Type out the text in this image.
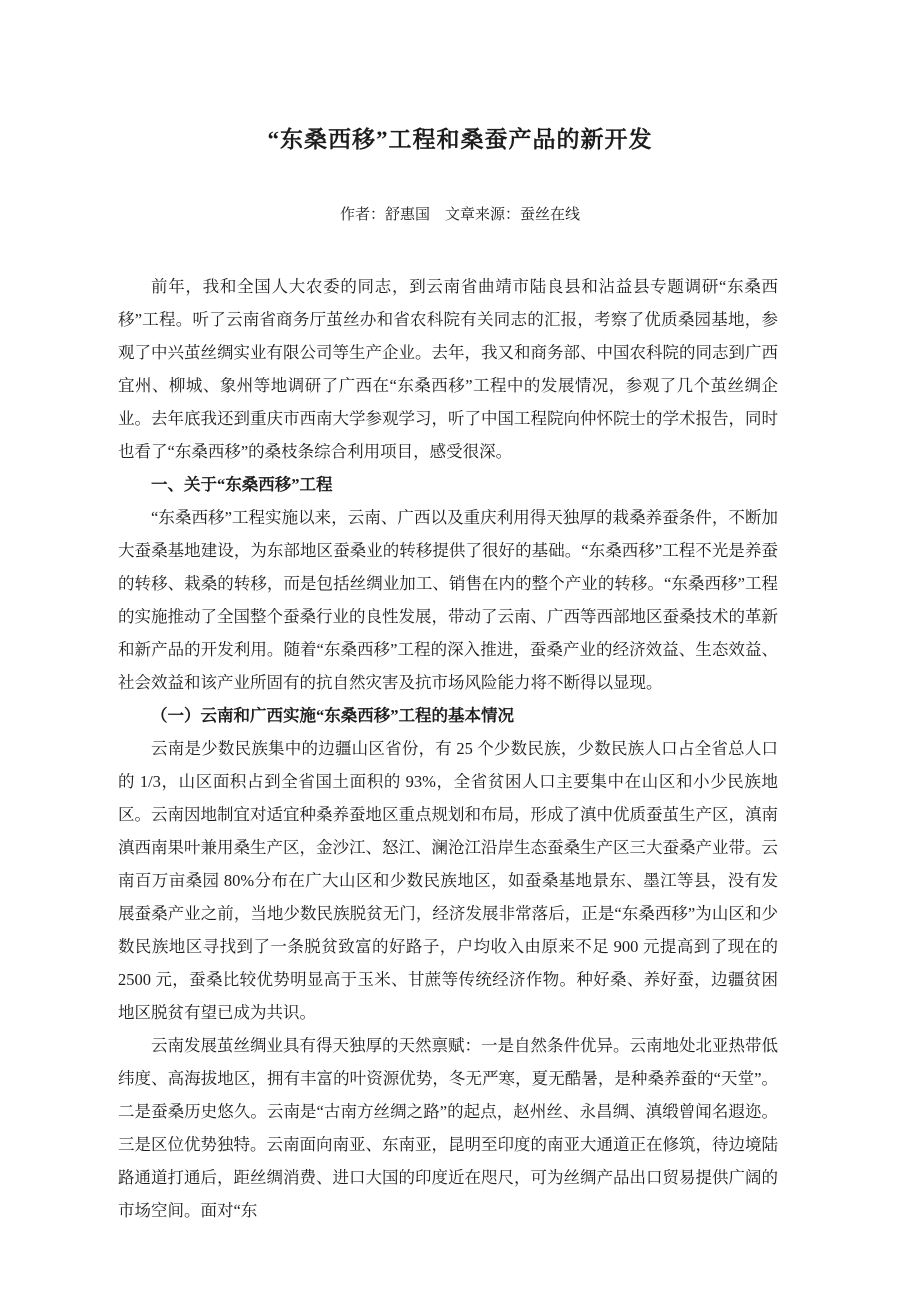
“东桑西移”工程和桑蚕产品的新开发
作者：舒惠国　文章来源：蚕丝在线

前年，我和全国人大农委的同志，到云南省曲靖市陆良县和沾益县专题调研“东桑西移”工程。听了云南省商务厅茧丝办和省农科院有关同志的汇报，考察了优质桑园基地，参观了中兴茧丝绸实业有限公司等生产企业。去年，我又和商务部、中国农科院的同志到广西宜州、柳城、象州等地调研了广西在“东桑西移”工程中的发展情况，参观了几个茧丝绸企业。去年底我还到重庆市西南大学参观学习，听了中国工程院向仲怀院士的学术报告，同时也看了“东桑西移”的桑枝条综合利用项目，感受很深。

一、关于“东桑西移”工程

“东桑西移”工程实施以来，云南、广西以及重庆利用得天独厚的栽桑养蚕条件，不断加大蚕桑基地建设，为东部地区蚕桑业的转移提供了很好的基础。“东桑西移”工程不光是养蚕的转移、栽桑的转移，而是包括丝绸业加工、销售在内的整个产业的转移。“东桑西移”工程的实施推动了全国整个蚕桑行业的良性发展，带动了云南、广西等西部地区蚕桑技术的革新和新产品的开发利用。随着“东桑西移”工程的深入推进，蚕桑产业的经济效益、生态效益、社会效益和该产业所固有的抗自然灾害及抗市场风险能力将不断得以显现。

（一）云南和广西实施“东桑西移”工程的基本情况

云南是少数民族集中的边疆山区省份，有 25 个少数民族，少数民族人口占全省总人口的 1/3，山区面积占到全省国土面积的 93%，全省贫困人口主要集中在山区和小少民族地区。云南因地制宜对适宜种桑养蚕地区重点规划和布局，形成了滇中优质蚕茧生产区，滇南滇西南果叶兼用桑生产区，金沙江、怒江、澜沧江沿岸生态蚕桑生产区三大蚕桑产业带。云南百万亩桑园 80%分布在广大山区和少数民族地区，如蚕桑基地景东、墨江等县，没有发展蚕桑产业之前，当地少数民族脱贫无门，经济发展非常落后，正是“东桑西移”为山区和少数民族地区寻找到了一条脱贫致富的好路子，户均收入由原来不足 900 元提高到了现在的 2500 元，蚕桑比较优势明显高于玉米、甘蔗等传统经济作物。种好桑、养好蚕，边疆贫困地区脱贫有望已成为共识。

云南发展茧丝绸业具有得天独厚的天然禀赋：一是自然条件优异。云南地处北亚热带低纬度、高海拔地区，拥有丰富的叶资源优势，冬无严寒，夏无酷暑，是种桑养蚕的“天堂”。二是蚕桑历史悠久。云南是“古南方丝绸之路”的起点，赵州丝、永昌绸、滇缎曾闻名遐迩。三是区位优势独特。云南面向南亚、东南亚，昆明至印度的南亚大通道正在修筑，待边境陆路通道打通后，距丝绸消费、进口大国的印度近在咫尺，可为丝绸产品出口贸易提供广阔的市场空间。面对“东
